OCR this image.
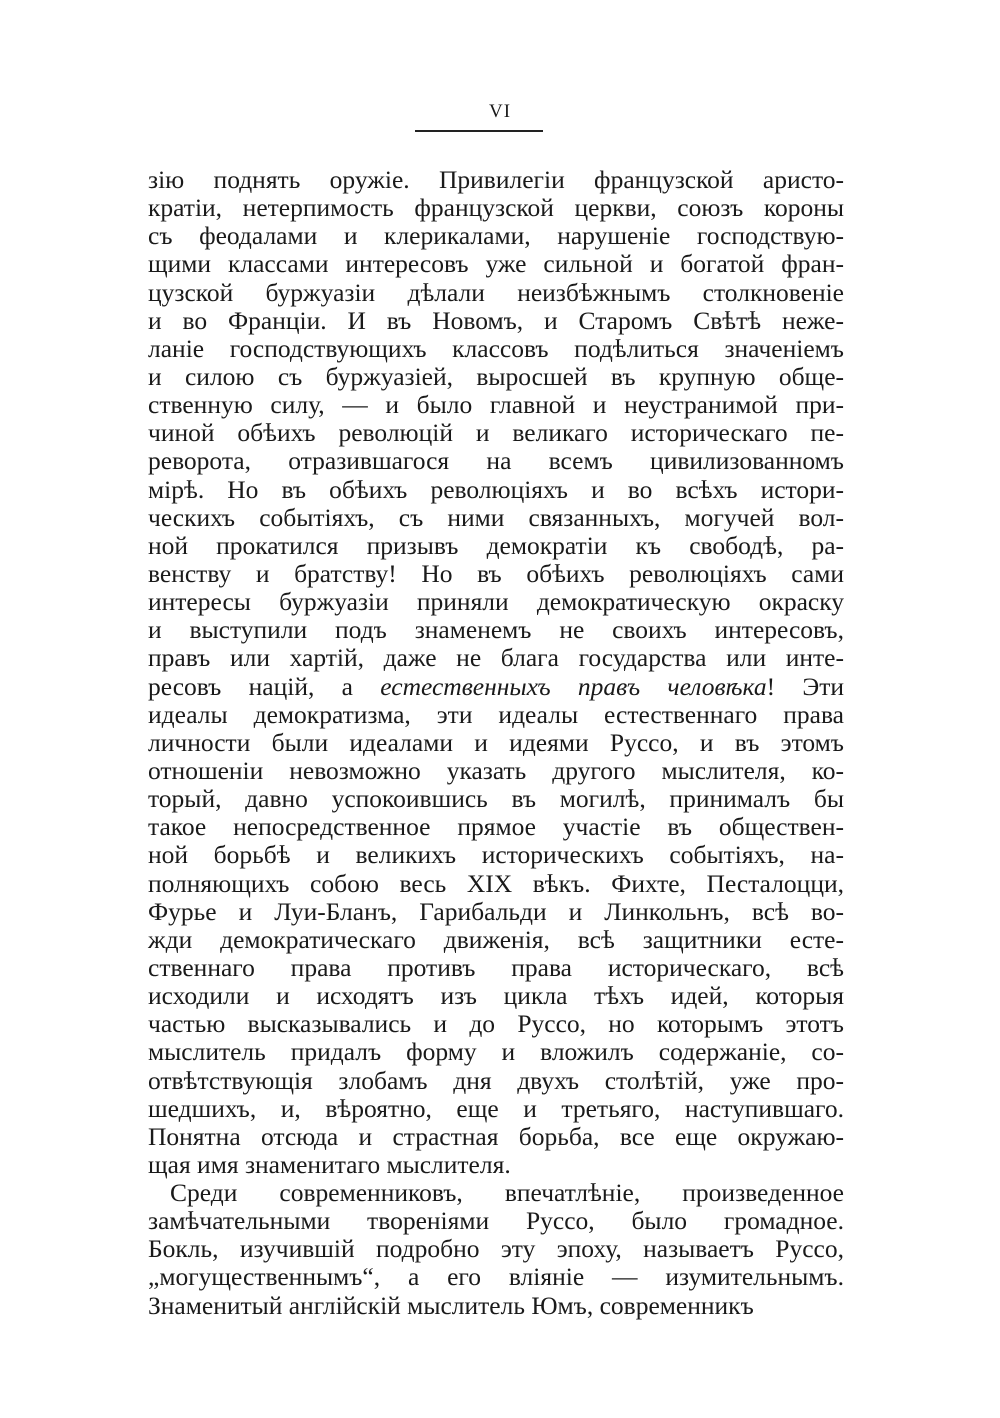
VI
зію поднять оружіе. Привилегіи французской аристо-
кратіи, нетерпимость французской церкви, союзъ короны
съ феодалами и клерикалами, нарушеніе господствую-
щими классами интересовъ уже сильной и богатой фран-
цузской буржуазіи дѣлали неизбѣжнымъ столкновеніе
и во Франціи. И въ Новомъ, и Старомъ Свѣтѣ неже-
ланіе господствующихъ классовъ подѣлиться значеніемъ
и силою съ буржуазіей, выросшей въ крупную обще-
ственную силу, — и было главной и неустранимой при-
чиной обѣихъ революцій и великаго историческаго пе-
реворота, отразившагося на всемъ цивилизованномъ
мірѣ. Но въ обѣихъ революціяхъ и во всѣхъ истори-
ческихъ событіяхъ, съ ними связанныхъ, могучей вол-
ной прокатился призывъ демократіи къ свободѣ, ра-
венству и братству! Но въ обѣихъ революціяхъ сами
интересы буржуазіи приняли демократическую окраску
и выступили подъ знаменемъ не своихъ интересовъ,
правъ или хартій, даже не блага государства или инте-
ресовъ націй, а естественныхъ правъ человѣка! Эти
идеалы демократизма, эти идеалы естественнаго права
личности были идеалами и идеями Руссо, и въ этомъ
отношеніи невозможно указать другого мыслителя, ко-
торый, давно успокоившись въ могилѣ, принималъ бы
такое непосредственное прямое участіе въ обществен-
ной борьбѣ и великихъ историческихъ событіяхъ, на-
полняющихъ собою весь XIX вѣкъ. Фихте, Песталоцци,
Фурье и Луи-Бланъ, Гарибальди и Линкольнъ, всѣ во-
жди демократическаго движенія, всѣ защитники есте-
ственнаго права противъ права историческаго, всѣ
исходили и исходятъ изъ цикла тѣхъ идей, которыя
частью высказывались и до Руссо, но которымъ этотъ
мыслитель придалъ форму и вложилъ содержаніе, со-
отвѣтствующія злобамъ дня двухъ столѣтій, уже про-
шедшихъ, и, вѣроятно, еще и третьяго, наступившаго.
Понятна отсюда и страстная борьба, все еще окружаю-
щая имя знаменитаго мыслителя.
Среди современниковъ, впечатлѣніе, произведенное
замѣчательными твореніями Руссо, было громадное.
Бокль, изучившій подробно эту эпоху, называетъ Руссо,
„могущественнымъ“, а его вліяніе — изумительнымъ.
Знаменитый англійскій мыслитель Юмъ, современникъ
